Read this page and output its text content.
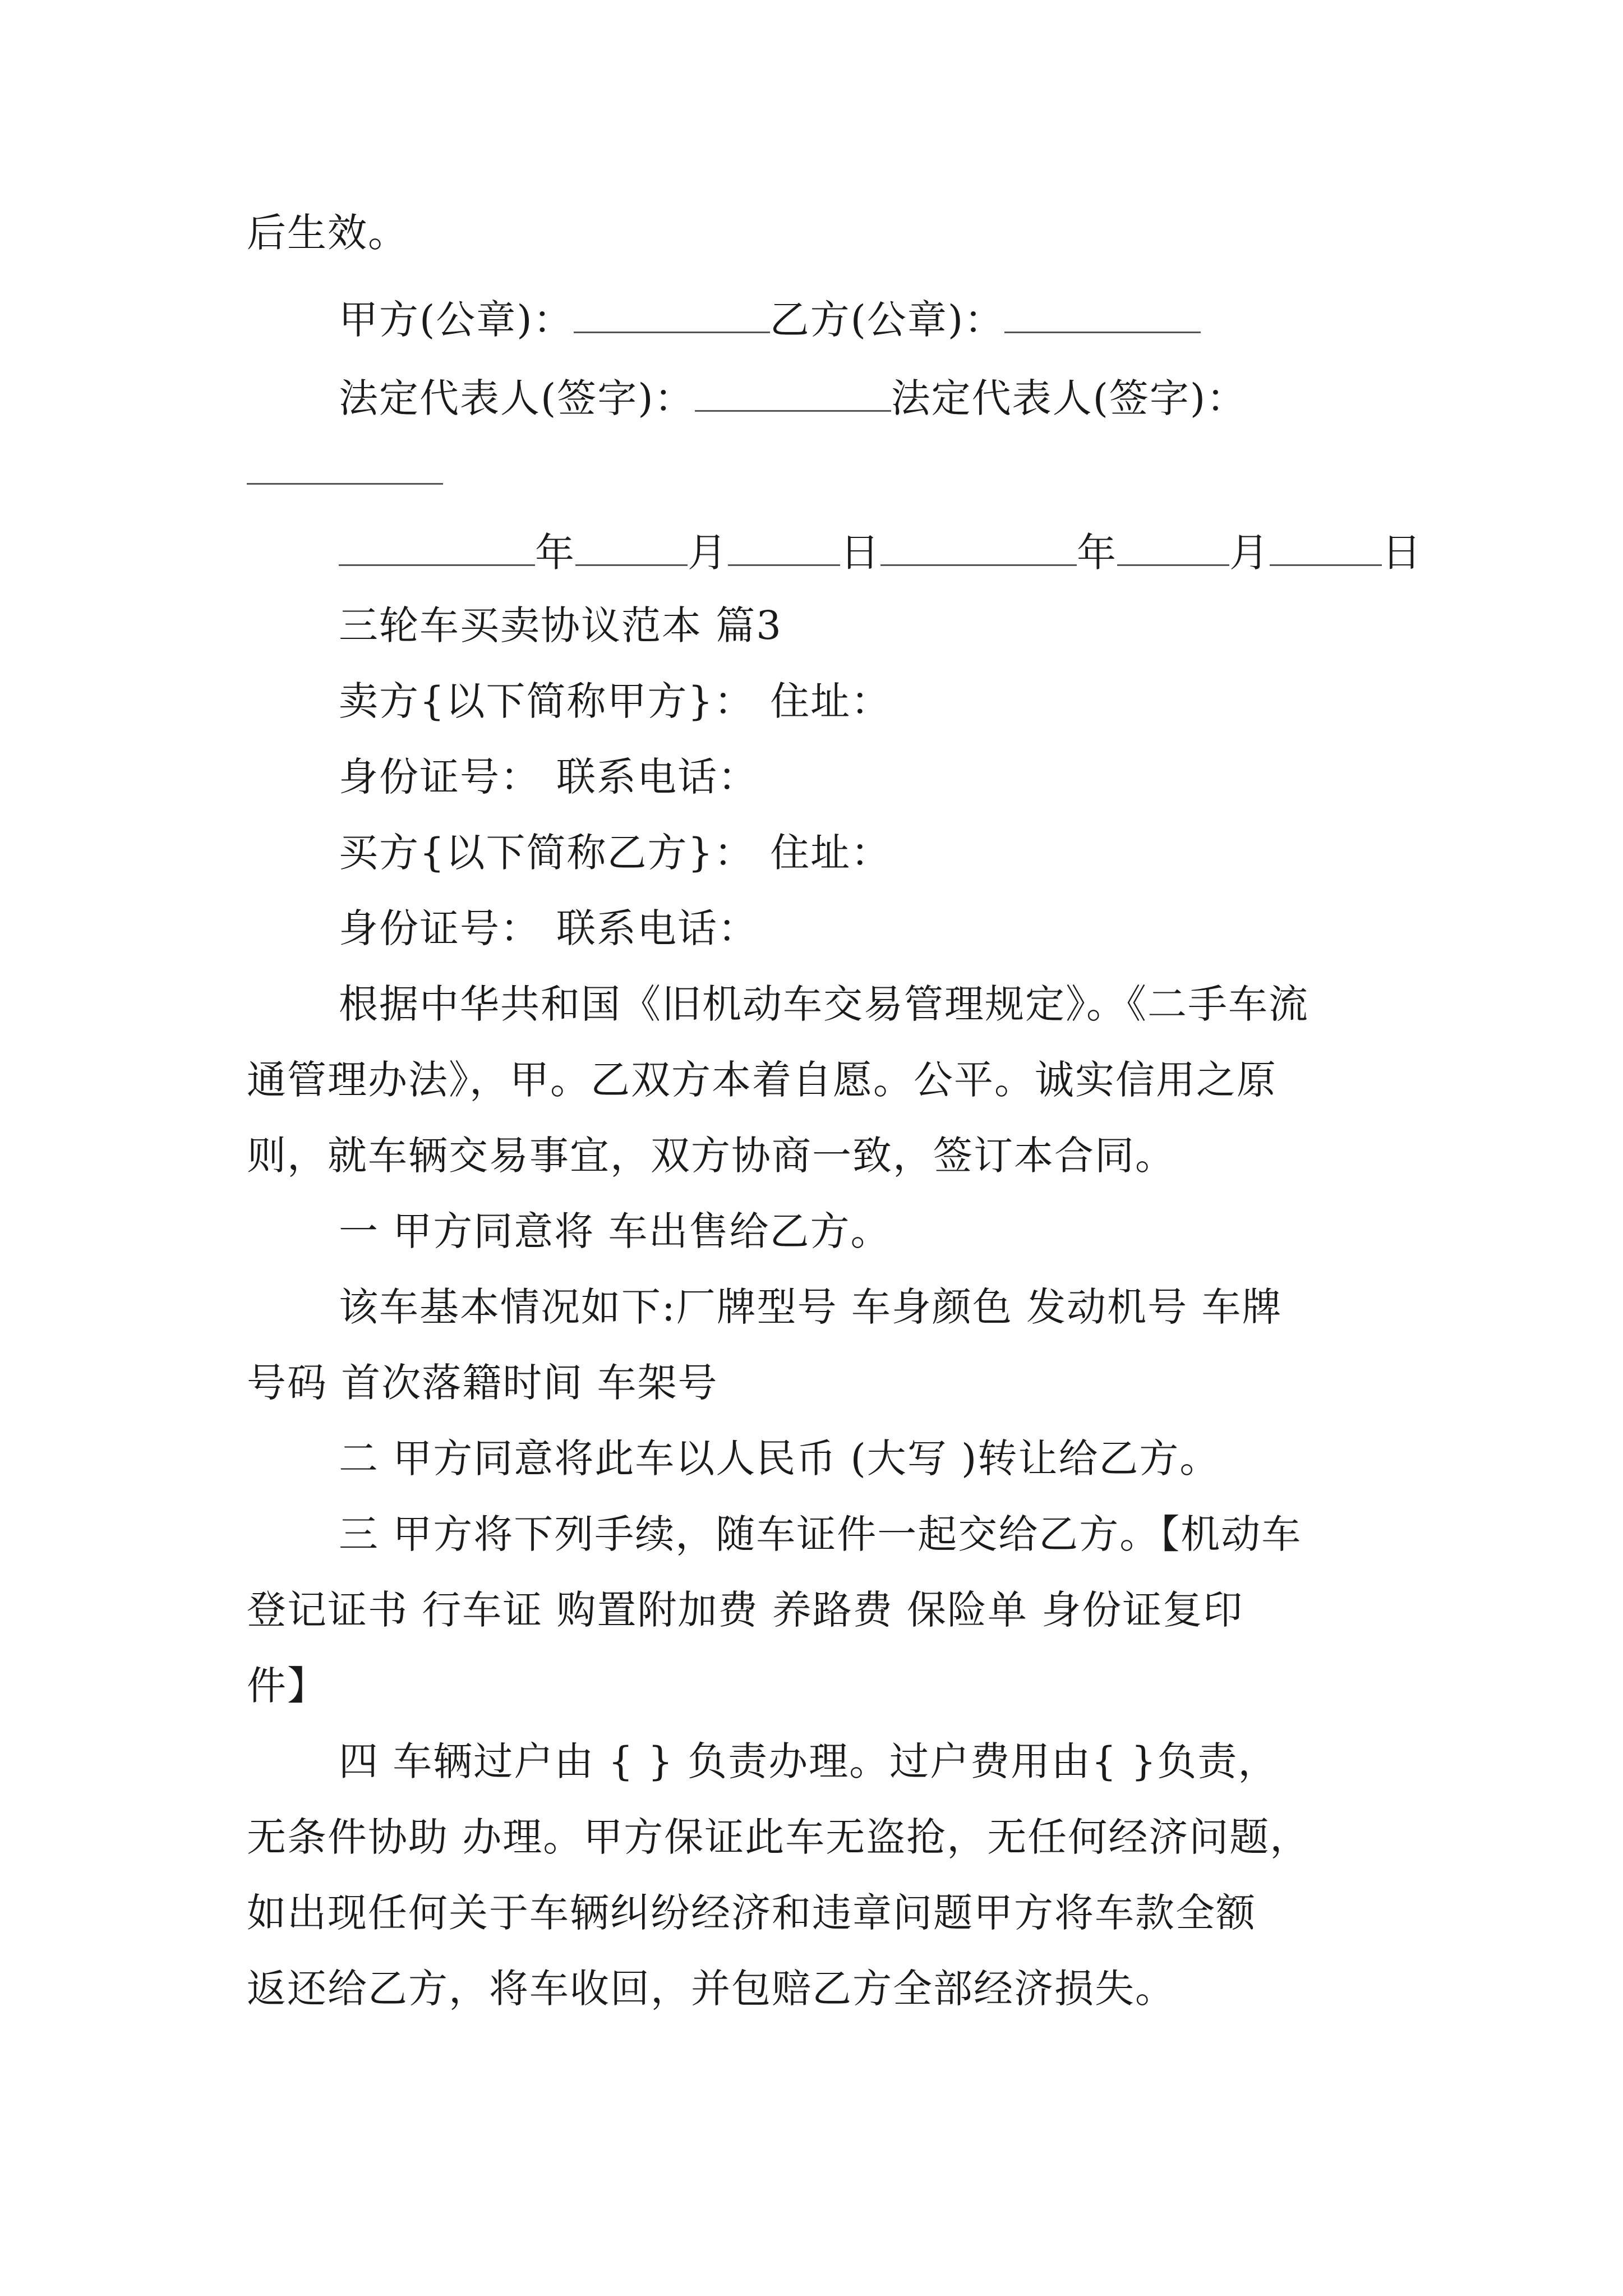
后生效。
甲方(公章)：	乙方(公章)：
法定代表人(签字)：	法定代表人(签字)：
年	月	日	年	月	日
三轮车买卖协议范本 篇3
卖方{以下简称甲方}： 住址：
身份证号： 联系电话：
买方{以下简称乙方}： 住址：
身份证号： 联系电话：
根据中华共和国《旧机动车交易管理规定》。《二手车流
通管理办法》，甲。乙双方本着自愿。公平。诚实信用之原
则，就车辆交易事宜，双方协商一致，签订本合同。
一 甲方同意将 车出售给乙方。
该车基本情况如下:厂牌型号 车身颜色 发动机号 车牌
号码 首次落籍时间 车架号
二 甲方同意将此车以人民币 (大写 )转让给乙方。
三 甲方将下列手续，随车证件一起交给乙方。【机动车
登记证书 行车证 购置附加费 养路费 保险单 身份证复印
件】
四 车辆过户由 { } 负责办理。过户费用由{ }负责，
无条件协助 办理。甲方保证此车无盗抢，无任何经济问题，
如出现任何关于车辆纠纷经济和违章问题甲方将车款全额
返还给乙方，将车收回，并包赔乙方全部经济损失。
